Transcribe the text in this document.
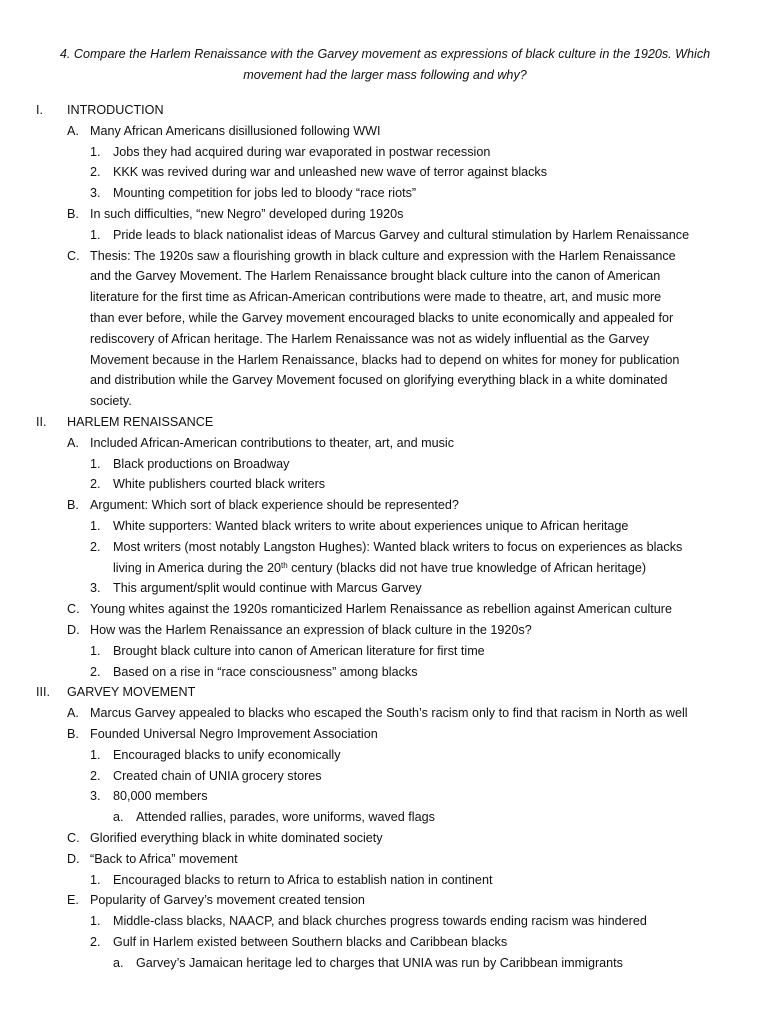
4. Compare the Harlem Renaissance with the Garvey movement as expressions of black culture in the 1920s. Which
movement had the larger mass following and why?
I. INTRODUCTION
A. Many African Americans disillusioned following WWI
1. Jobs they had acquired during war evaporated in postwar recession
2. KKK was revived during war and unleashed new wave of terror against blacks
3. Mounting competition for jobs led to bloody “race riots”
B. In such difficulties, “new Negro” developed during 1920s
1. Pride leads to black nationalist ideas of Marcus Garvey and cultural stimulation by Harlem Renaissance
C. Thesis: The 1920s saw a flourishing growth in black culture and expression with the Harlem Renaissance
and the Garvey Movement. The Harlem Renaissance brought black culture into the canon of American
literature for the first time as African-American contributions were made to theatre, art, and music more
than ever before, while the Garvey movement encouraged blacks to unite economically and appealed for
rediscovery of African heritage. The Harlem Renaissance was not as widely influential as the Garvey
Movement because in the Harlem Renaissance, blacks had to depend on whites for money for publication
and distribution while the Garvey Movement focused on glorifying everything black in a white dominated
society.
II. HARLEM RENAISSANCE
A. Included African-American contributions to theater, art, and music
1. Black productions on Broadway
2. White publishers courted black writers
B. Argument: Which sort of black experience should be represented?
1. White supporters: Wanted black writers to write about experiences unique to African heritage
2. Most writers (most notably Langston Hughes): Wanted black writers to focus on experiences as blacks
living in America during the 20th century (blacks did not have true knowledge of African heritage)
3. This argument/split would continue with Marcus Garvey
C. Young whites against the 1920s romanticized Harlem Renaissance as rebellion against American culture
D. How was the Harlem Renaissance an expression of black culture in the 1920s?
1. Brought black culture into canon of American literature for first time
2. Based on a rise in “race consciousness” among blacks
III. GARVEY MOVEMENT
A. Marcus Garvey appealed to blacks who escaped the South’s racism only to find that racism in North as well
B. Founded Universal Negro Improvement Association
1. Encouraged blacks to unify economically
2. Created chain of UNIA grocery stores
3. 80,000 members
a. Attended rallies, parades, wore uniforms, waved flags
C. Glorified everything black in white dominated society
D. “Back to Africa” movement
1. Encouraged blacks to return to Africa to establish nation in continent
E. Popularity of Garvey’s movement created tension
1. Middle-class blacks, NAACP, and black churches progress towards ending racism was hindered
2. Gulf in Harlem existed between Southern blacks and Caribbean blacks
a. Garvey’s Jamaican heritage led to charges that UNIA was run by Caribbean immigrants
